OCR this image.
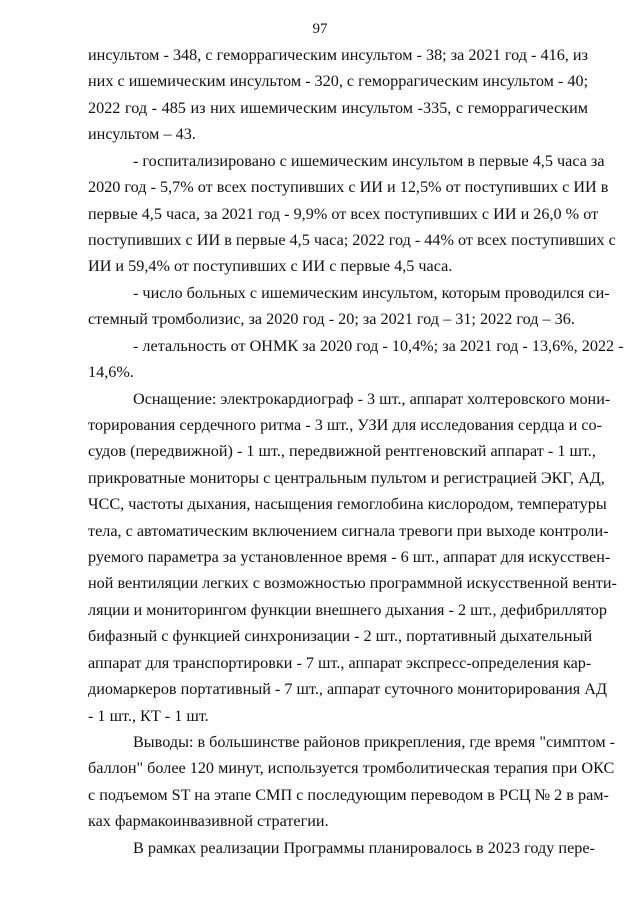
97
инсультом - 348, с геморрагическим инсультом - 38; за 2021 год - 416, из
них с ишемическим инсультом - 320, с геморрагическим инсультом - 40;
2022 год - 485 из них ишемическим инсультом -335, с геморрагическим
инсультом – 43.
- госпитализировано с ишемическим инсультом в первые 4,5 часа за
2020 год - 5,7% от всех поступивших с ИИ и 12,5% от поступивших с ИИ в
первые 4,5 часа, за 2021 год - 9,9% от всех поступивших с ИИ и 26,0 % от
поступивших с ИИ в первые 4,5 часа; 2022 год - 44% от всех поступивших с
ИИ и 59,4% от поступивших с ИИ с первые 4,5 часа.
- число больных с ишемическим инсультом, которым проводился си-
стемный тромболизис, за 2020 год - 20; за 2021 год – 31; 2022 год – 36.
- летальность от ОНМК за 2020 год - 10,4%; за 2021 год - 13,6%, 2022 -
14,6%.
Оснащение: электрокардиограф - 3 шт., аппарат холтеровского мони-
торирования сердечного ритма - 3 шт., УЗИ для исследования сердца и со-
судов (передвижной) - 1 шт., передвижной рентгеновский аппарат - 1 шт.,
прикроватные мониторы с центральным пультом и регистрацией ЭКГ, АД,
ЧСС, частоты дыхания, насыщения гемоглобина кислородом, температуры
тела, с автоматическим включением сигнала тревоги при выходе контроли-
руемого параметра за установленное время - 6 шт., аппарат для искусствен-
ной вентиляции легких с возможностью программной искусственной венти-
ляции и мониторингом функции внешнего дыхания - 2 шт., дефибриллятор
бифазный с функцией синхронизации - 2 шт., портативный дыхательный
аппарат для транспортировки - 7 шт., аппарат экспресс-определения кар-
диомаркеров портативный - 7 шт., аппарат суточного мониторирования АД
- 1 шт., КТ - 1 шт.
Выводы: в большинстве районов прикрепления, где время "симптом -
баллон" более 120 минут, используется тромболитическая терапия при ОКС
с подъемом ST на этапе СМП с последующим переводом в РСЦ № 2 в рам-
ках фармакоинвазивной стратегии.
В рамках реализации Программы планировалось в 2023 году пере-
